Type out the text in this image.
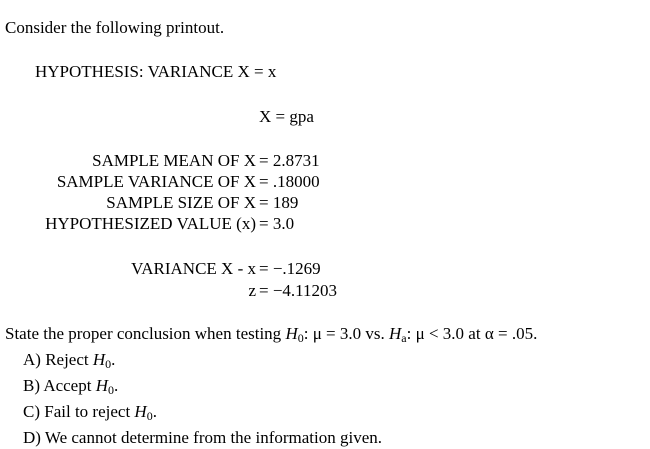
Consider the following printout.
HYPOTHESIS: VARIANCE X = x
X = gpa
SAMPLE MEAN OF X = 2.8731
SAMPLE VARIANCE OF X = .18000
SAMPLE SIZE OF X = 189
HYPOTHESIZED VALUE (x) = 3.0
VARIANCE X - x = −.1269
z = −4.11203
State the proper conclusion when testing $H_0$: μ = 3.0 vs. $H_a$: μ < 3.0 at α = .05.
A) Reject $H_0$.
B) Accept $H_0$.
C) Fail to reject $H_0$.
D) We cannot determine from the information given.
